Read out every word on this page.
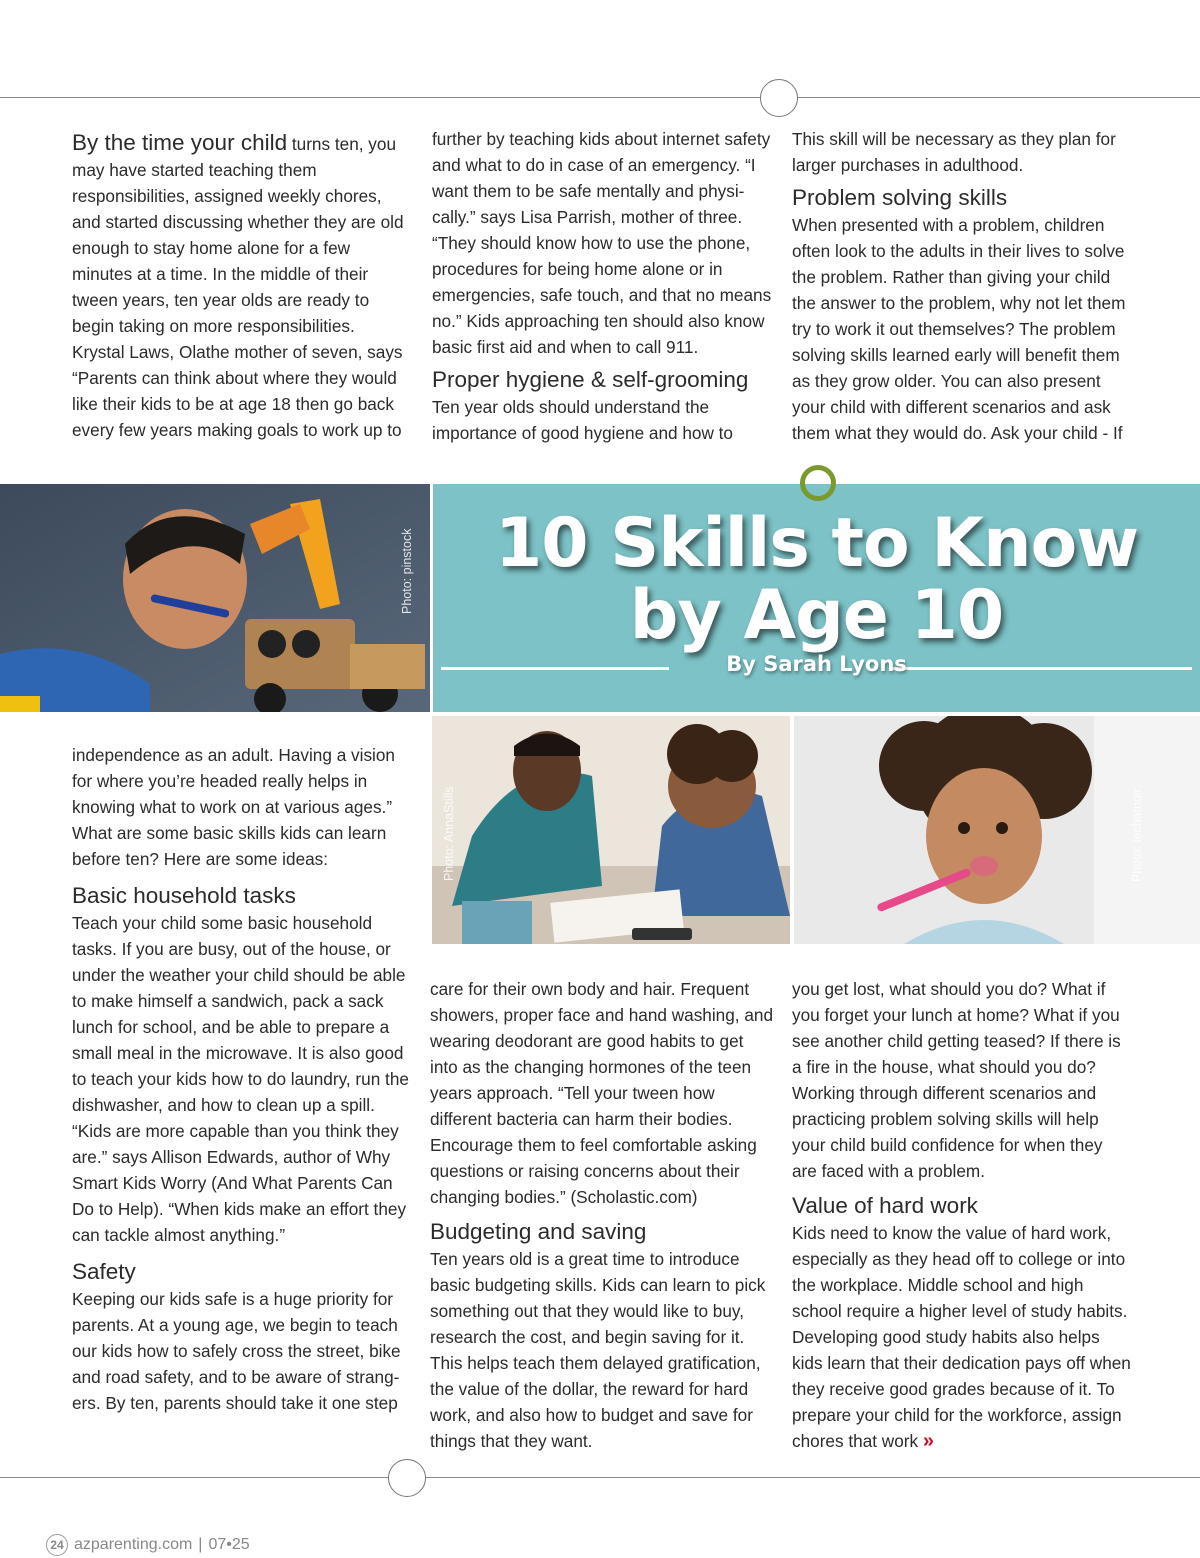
By the time your child turns ten, you may have started teaching them responsibilities, assigned weekly chores, and started discussing whether they are old enough to stay home alone for a few minutes at a time. In the middle of their tween years, ten year olds are ready to begin taking on more responsibilities. Krystal Laws, Olathe mother of seven, says “Parents can think about where they would like their kids to be at age 18 then go back every few years making goals to work up to

further by teaching kids about internet safety and what to do in case of an emergency. “I want them to be safe mentally and physi-cally.” says Lisa Parrish, mother of three. “They should know how to use the phone, procedures for being home alone or in emergencies, safe touch, and that no means no.” Kids approaching ten should also know basic first aid and when to call 911.

Proper hygiene & self-grooming

Ten year olds should understand the importance of good hygiene and how to

This skill will be necessary as they plan for larger purchases in adulthood.

Problem solving skills

When presented with a problem, children often look to the adults in their lives to solve the problem. Rather than giving your child the answer to the problem, why not let them try to work it out themselves? The problem solving skills learned early will benefit them as they grow older. You can also present your child with different scenarios and ask them what they would do. Ask your child - If

Photo: pinstock	10 Skills to Know
by Age 10
By Sarah Lyons

independence as an adult. Having a vision for where you’re headed really helps in knowing what to work on at various ages.” What are some basic skills kids can learn before ten? Here are some ideas:

Basic household tasks

Teach your child some basic household tasks. If you are busy, out of the house, or under the weather your child should be able to make himself a sandwich, pack a sack lunch for school, and be able to prepare a small meal in the microwave. It is also good to teach your kids how to do laundry, run the dishwasher, and how to clean up a spill. “Kids are more capable than you think they are.” says Allison Edwards, author of Why Smart Kids Worry (And What Parents Can Do to Help). “When kids make an effort they can tackle almost anything.”

Safety

Keeping our kids safe is a huge priority for parents. At a young age, we begin to teach our kids how to safely cross the street, bike and road safety, and to be aware of strang-ers. By ten, parents should take it one step

Photo: AnnaStills	Photo: lechatnoir.

care for their own body and hair. Frequent showers, proper face and hand washing, and wearing deodorant are good habits to get into as the changing hormones of the teen years approach. “Tell your tween how different bacteria can harm their bodies. Encourage them to feel comfortable asking questions or raising concerns about their changing bodies.” (Scholastic.com)

Budgeting and saving

Ten years old is a great time to introduce basic budgeting skills. Kids can learn to pick something out that they would like to buy, research the cost, and begin saving for it. This helps teach them delayed gratification, the value of the dollar, the reward for hard work, and also how to budget and save for things that they want.

you get lost, what should you do? What if you forget your lunch at home? What if you see another child getting teased? If there is a fire in the house, what should you do? Working through different scenarios and practicing problem solving skills will help your child build confidence for when they are faced with a problem.

Value of hard work

Kids need to know the value of hard work, especially as they head off to college or into the workplace. Middle school and high school require a higher level of study habits. Developing good study habits also helps kids learn that their dedication pays off when they receive good grades because of it. To prepare your child for the workforce, assign chores that work »

24 azparenting.com | 07•25
